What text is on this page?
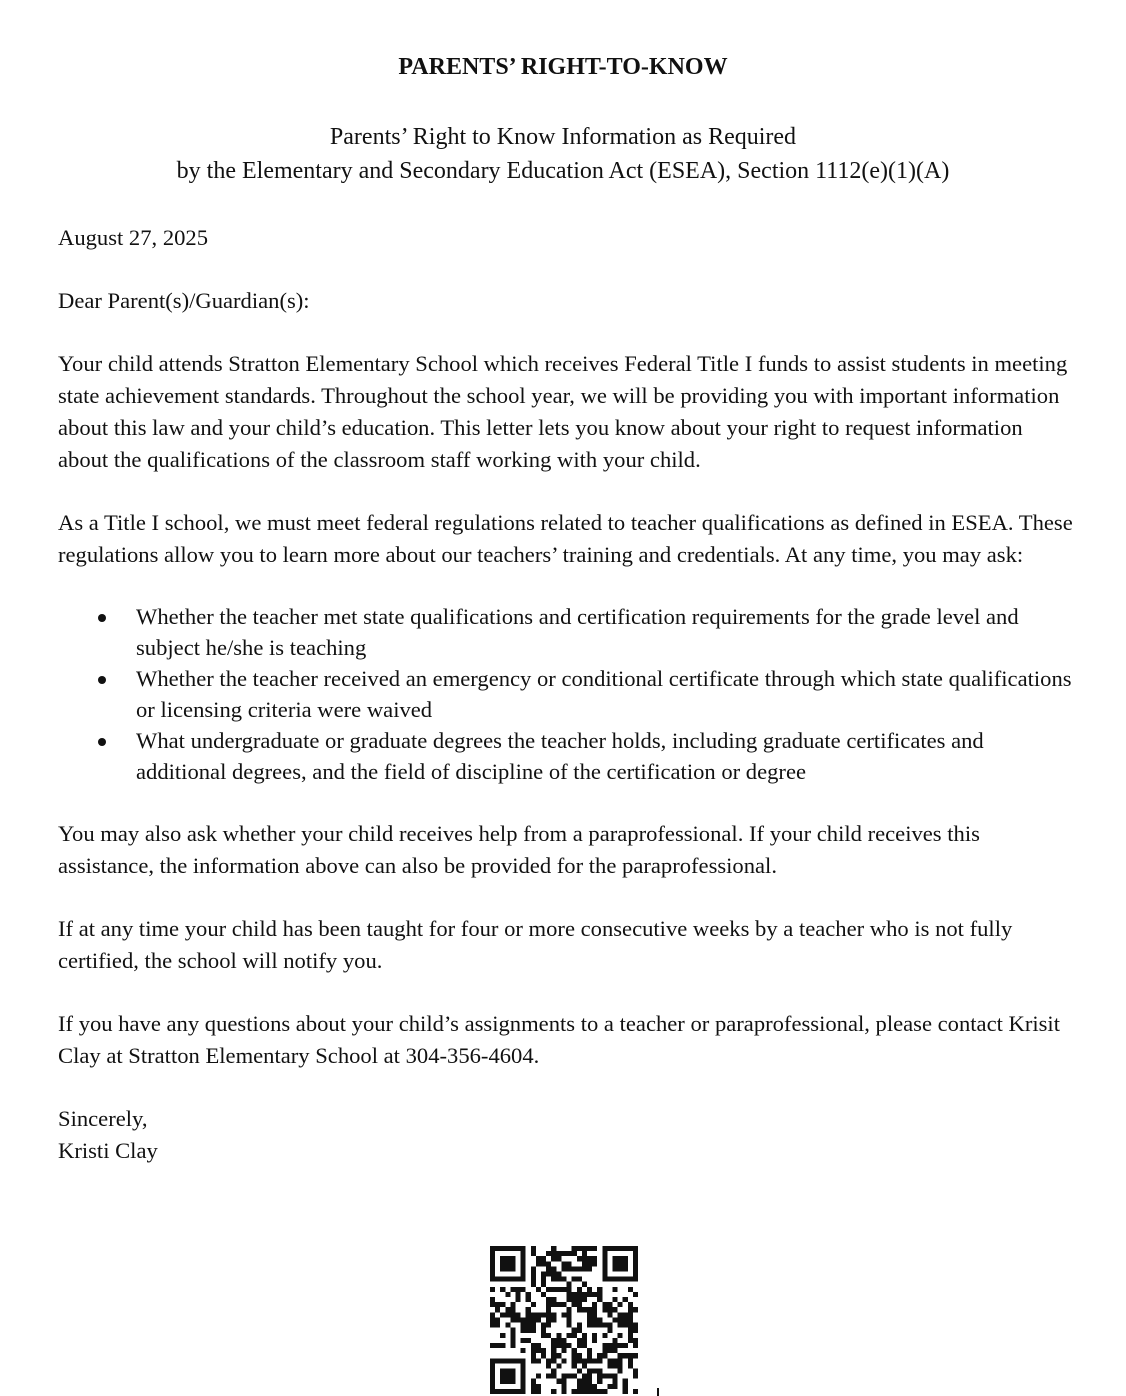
PARENTS’ RIGHT-TO-KNOW
Parents’ Right to Know Information as Required
by the Elementary and Secondary Education Act (ESEA), Section 1112(e)(1)(A)

August 27, 2025

Dear Parent(s)/Guardian(s):

Your child attends Stratton Elementary School which receives Federal Title I funds to assist students in meeting state achievement standards. Throughout the school year, we will be providing you with important information about this law and your child’s education. This letter lets you know about your right to request information about the qualifications of the classroom staff working with your child.

As a Title I school, we must meet federal regulations related to teacher qualifications as defined in ESEA. These regulations allow you to learn more about our teachers’ training and credentials. At any time, you may ask:

Whether the teacher met state qualifications and certification requirements for the grade level and subject he/she is teaching
Whether the teacher received an emergency or conditional certificate through which state qualifications or licensing criteria were waived
What undergraduate or graduate degrees the teacher holds, including graduate certificates and additional degrees, and the field of discipline of the certification or degree

You may also ask whether your child receives help from a paraprofessional. If your child receives this assistance, the information above can also be provided for the paraprofessional.

If at any time your child has been taught for four or more consecutive weeks by a teacher who is not fully certified, the school will notify you.

If you have any questions about your child’s assignments to a teacher or paraprofessional, please contact Krisit Clay at Stratton Elementary School at 304-356-4604.

Sincerely,

Kristi Clay
